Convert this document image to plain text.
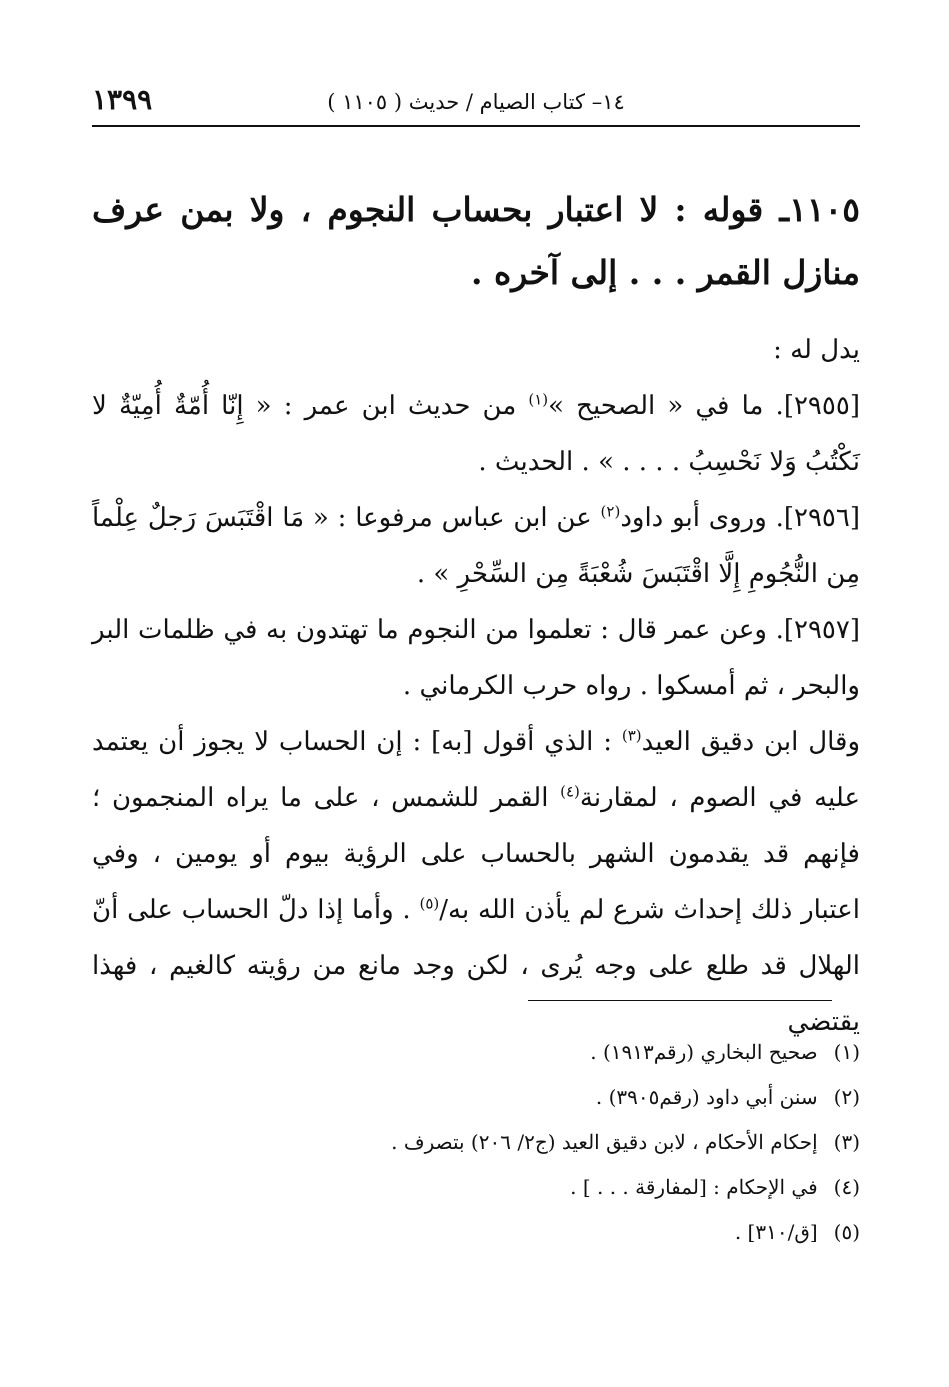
١٤– كتاب الصيام / حديث ( ١١٠٥ )
١٣٩٩
١١٠٥ـ قوله : لا اعتبار بحساب النجوم ، ولا بمن عرف منازل القمر . . . إلى آخره .

يدل له :

[٢٩٥٥]. ما في « الصحيح »$^{(١)}$ من حديث ابن عمر : « إِنّا أُمّةٌ أُمِيّةٌ لا نَكْتُبُ وَلا نَحْسِبُ . . . . » . الحديث .

[٢٩٥٦]. وروى أبو داود$^{(٢)}$ عن ابن عباس مرفوعا : « مَا اقْتَبَسَ رَجلٌ عِلْماً مِن النُّجُومِ إِلَّا اقْتَبَسَ شُعْبَةً مِن السِّحْرِ » .

[٢٩٥٧]. وعن عمر قال : تعلموا من النجوم ما تهتدون به في ظلمات البر والبحر ، ثم أمسكوا . رواه حرب الكرماني .

وقال ابن دقيق العيد$^{(٣)}$ : الذي أقول [به] : إن الحساب لا يجوز أن يعتمد عليه في الصوم ، لمقارنة$^{(٤)}$ القمر للشمس ، على ما يراه المنجمون ؛ فإنهم قد يقدمون الشهر بالحساب على الرؤية بيوم أو يومين ، وفي اعتبار ذلك إحداث شرع لم يأذن الله به/$^{(٥)}$ . وأما إذا دلّ الحساب على أنّ الهلال قد طلع على وجه يُرى ، لكن وجد مانع من رؤيته كالغيم ، فهذا يقتضي

(١) صحيح البخاري (رقم١٩١٣) .
(٢) سنن أبي داود (رقم٣٩٠٥) .
(٣) إحكام الأحكام ، لابن دقيق العيد (ج٢/ ٢٠٦) بتصرف .
(٤) في الإحكام : [لمفارقة . . . ] .
(٥) [ق/٣١٠] .
